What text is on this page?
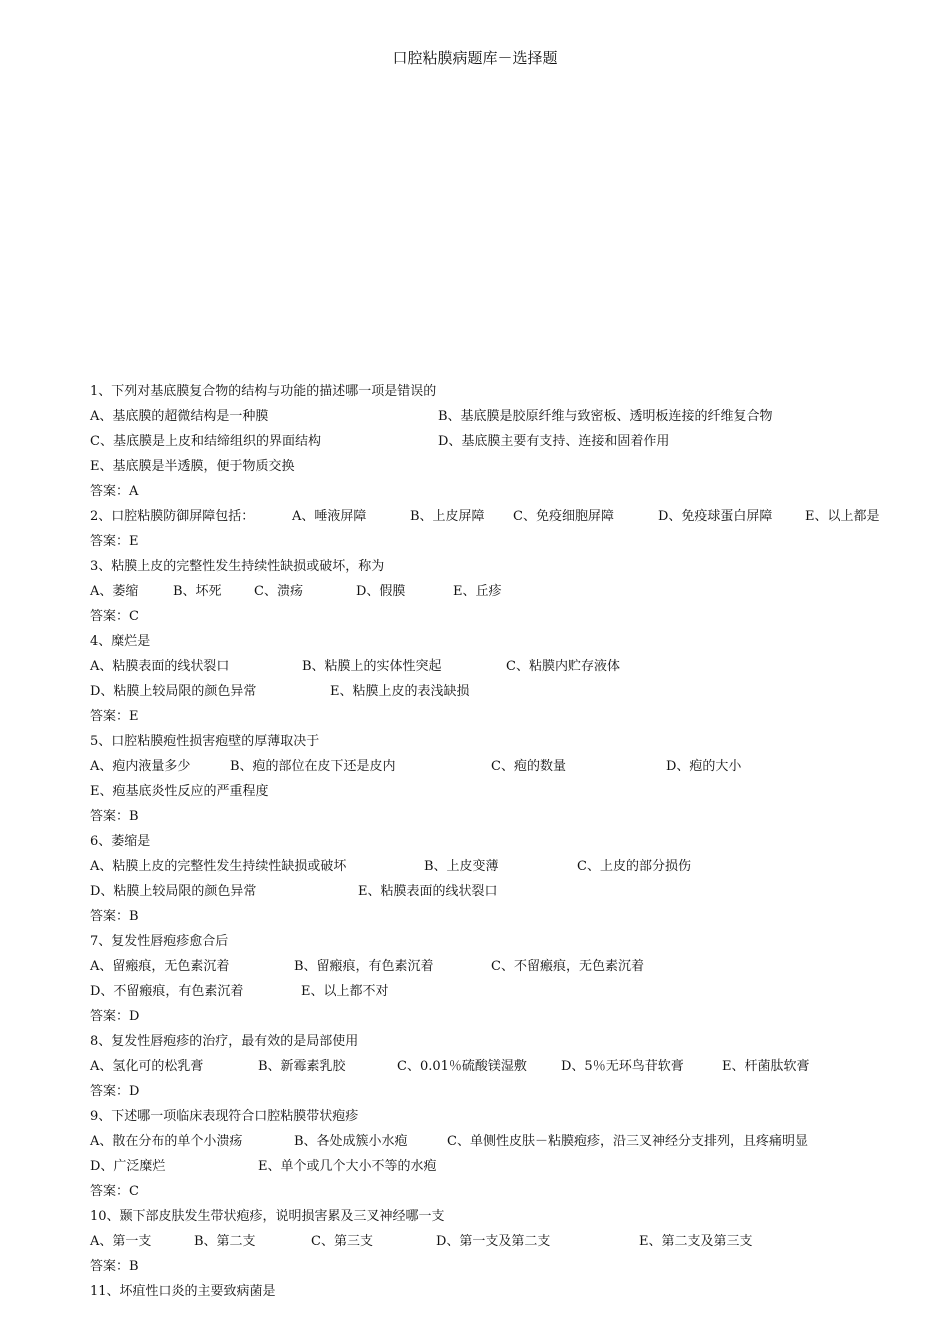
口腔粘膜病题库－选择题
1、下列对基底膜复合物的结构与功能的描述哪一项是错误的
A、基底膜的超微结构是一种膜	B、基底膜是胶原纤维与致密板、透明板连接的纤维复合物
C、基底膜是上皮和结缔组织的界面结构	D、基底膜主要有支持、连接和固着作用
E、基底膜是半透膜，便于物质交换
答案：A
2、口腔粘膜防御屏障包括：	A、唾液屏障	B、上皮屏障 C、免疫细胞屏障	D、免疫球蛋白屏障	E、以上都是
答案：E
3、粘膜上皮的完整性发生持续性缺损或破坏，称为
A、萎缩	B、坏死 C、溃疡	D、假膜	E、丘疹
答案：C
4、糜烂是
A、粘膜表面的线状裂口	B、粘膜上的实体性突起	C、粘膜内贮存液体
D、粘膜上较局限的颜色异常	E、粘膜上皮的表浅缺损
答案：E
5、口腔粘膜疱性损害疱壁的厚薄取决于
A、疱内液量多少	B、疱的部位在皮下还是皮内	C、疱的数量	D、疱的大小
E、疱基底炎性反应的严重程度
答案：B
6、萎缩是
A、粘膜上皮的完整性发生持续性缺损或破坏	B、上皮变薄	C、上皮的部分损伤
D、粘膜上较局限的颜色异常	E、粘膜表面的线状裂口
答案：B
7、复发性唇疱疹愈合后
A、留瘢痕，无色素沉着	B、留瘢痕，有色素沉着	C、不留瘢痕，无色素沉着
D、不留瘢痕，有色素沉着	E、以上都不对
答案：D
8、复发性唇疱疹的治疗，最有效的是局部使用
A、氢化可的松乳膏	B、新霉素乳胶	C、0.01％硫酸镁湿敷	D、5％无环鸟苷软膏	E、杆菌肽软膏
答案：D
9、下述哪一项临床表现符合口腔粘膜带状疱疹
A、散在分布的单个小溃疡	B、各处成簇小水疱	C、单侧性皮肤－粘膜疱疹，沿三叉神经分支排列，且疼痛明显
D、广泛糜烂	E、单个或几个大小不等的水疱
答案：C
10、颞下部皮肤发生带状疱疹，说明损害累及三叉神经哪一支
A、第一支	B、第二支	C、第三支	D、第一支及第二支	E、第二支及第三支
答案：B
11、坏疽性口炎的主要致病菌是
